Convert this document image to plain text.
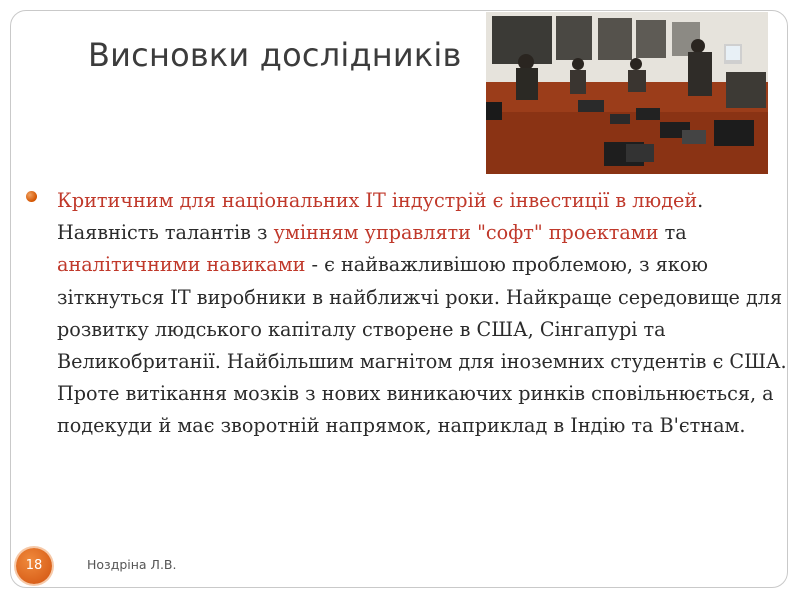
Висновки дослідників
Критичним для національних ІТ індустрій є інвестиції в людей.
Наявність талантів з умінням управляти "софт" проектами та аналітичними навиками - є найважливішою проблемою, з якою зіткнуться ІТ виробники в найближчі роки. Найкраще середовище для розвитку людського капіталу створене в США, Сінгапурі та Великобританії. Найбільшим магнітом для іноземних студентів є США. Проте витікання мозків з нових виникаючих ринків сповільнюється, а подекуди й має зворотній напрямок, наприклад в Індію та В'єтнам.
18	Ноздріна Л.В.
